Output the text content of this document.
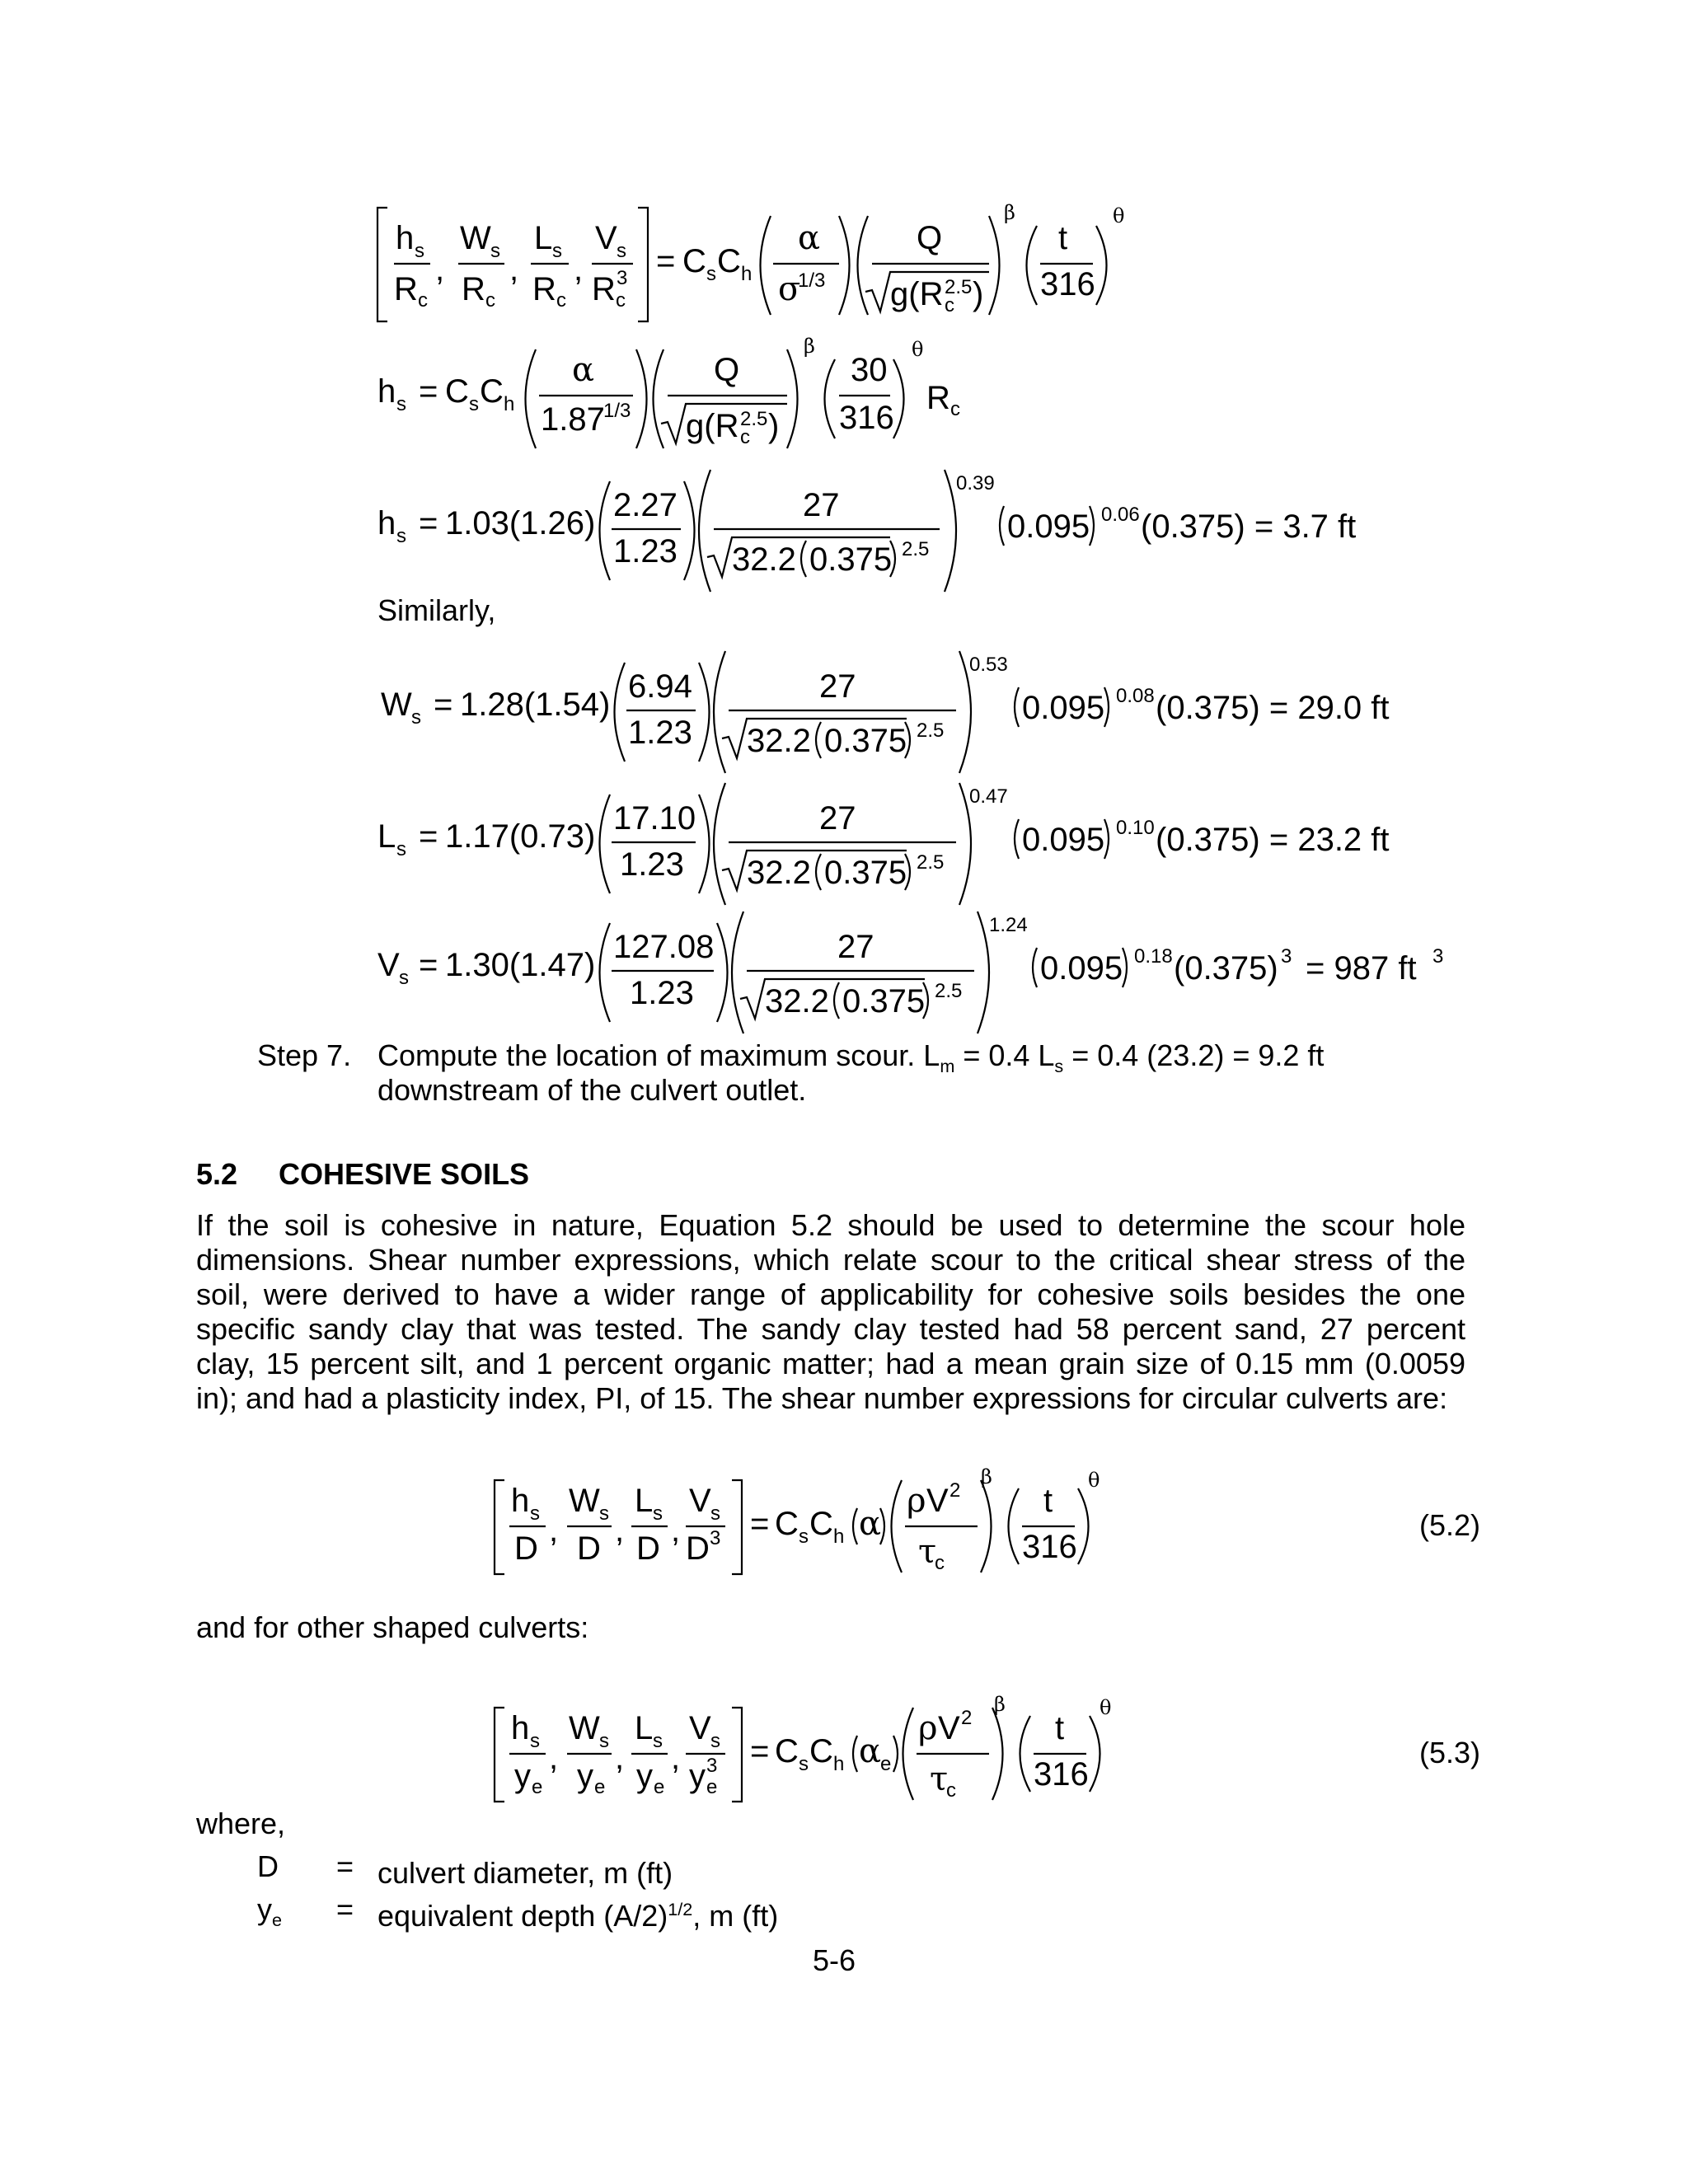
h s
R c
,
W s
R c
,
L s
R c
,
V s
R c
3 = C s C h
α
σ
1/3
Q
g(R c
2.5 )
β
t
316
θ
h s = C s C h
α
1.87
1/3
Q
g(R c
2.5 )
β
30
316
θ
R c
h s = 1.03(1.26) 2.27
1.23
27
32.2 0.375 2.5
0.39
0.095 0.06 (0.375) = 3.7 ft
W s = 1.28(1.54) 6.94
1.23
27
32.2 0.375 2.5
0.53
0.095 0.08 (0.375) = 29.0 ft
L s = 1.17(0.73) 17.10
1.23
27
32.2 0.375 2.5
0.47
0.095 0.10 (0.375) = 23.2 ft
V s = 1.30(1.47) 127.08
1.23
27
32.2 0.375 2.5
1.24
0.095 0.18 (0.375) 3 = 987 ft 3
h s
D ,
W s
D ,
L s
D ,
V s
D 3 = C s C h α
ρ V 2
τ
c
β
t
316
θ
h s
y e
,
W s
y e
,
L s
y e
,
V s
y e
3 = C s C h α
e
ρ V 2
τ
c
β
t
316
θ
Similarly,
Step 7. Compute the location of maximum scour. $L_m = 0.4$ $L_s = 0.4$ (23.2) = 9.2 ft
downstream of the culvert outlet.
5.2 COHESIVE SOILS
If the soil is cohesive in nature, Equation 5.2 should be used to determine the scour hole
dimensions. Shear number expressions, which relate scour to the critical shear stress of the
soil, were derived to have a wider range of applicability for cohesive soils besides the one
specific sandy clay that was tested. The sandy clay tested had 58 percent sand, 27 percent
clay, 15 percent silt, and 1 percent organic matter; had a mean grain size of 0.15 mm (0.0059
in); and had a plasticity index, PI, of 15. The shear number expressions for circular culverts are:
(5.2)
and for other shaped culverts:
(5.3)
where,
D = culvert diameter, m (ft)
$y_e$ = equivalent depth $(A/2)^{1/2}$, m (ft)
5-6
